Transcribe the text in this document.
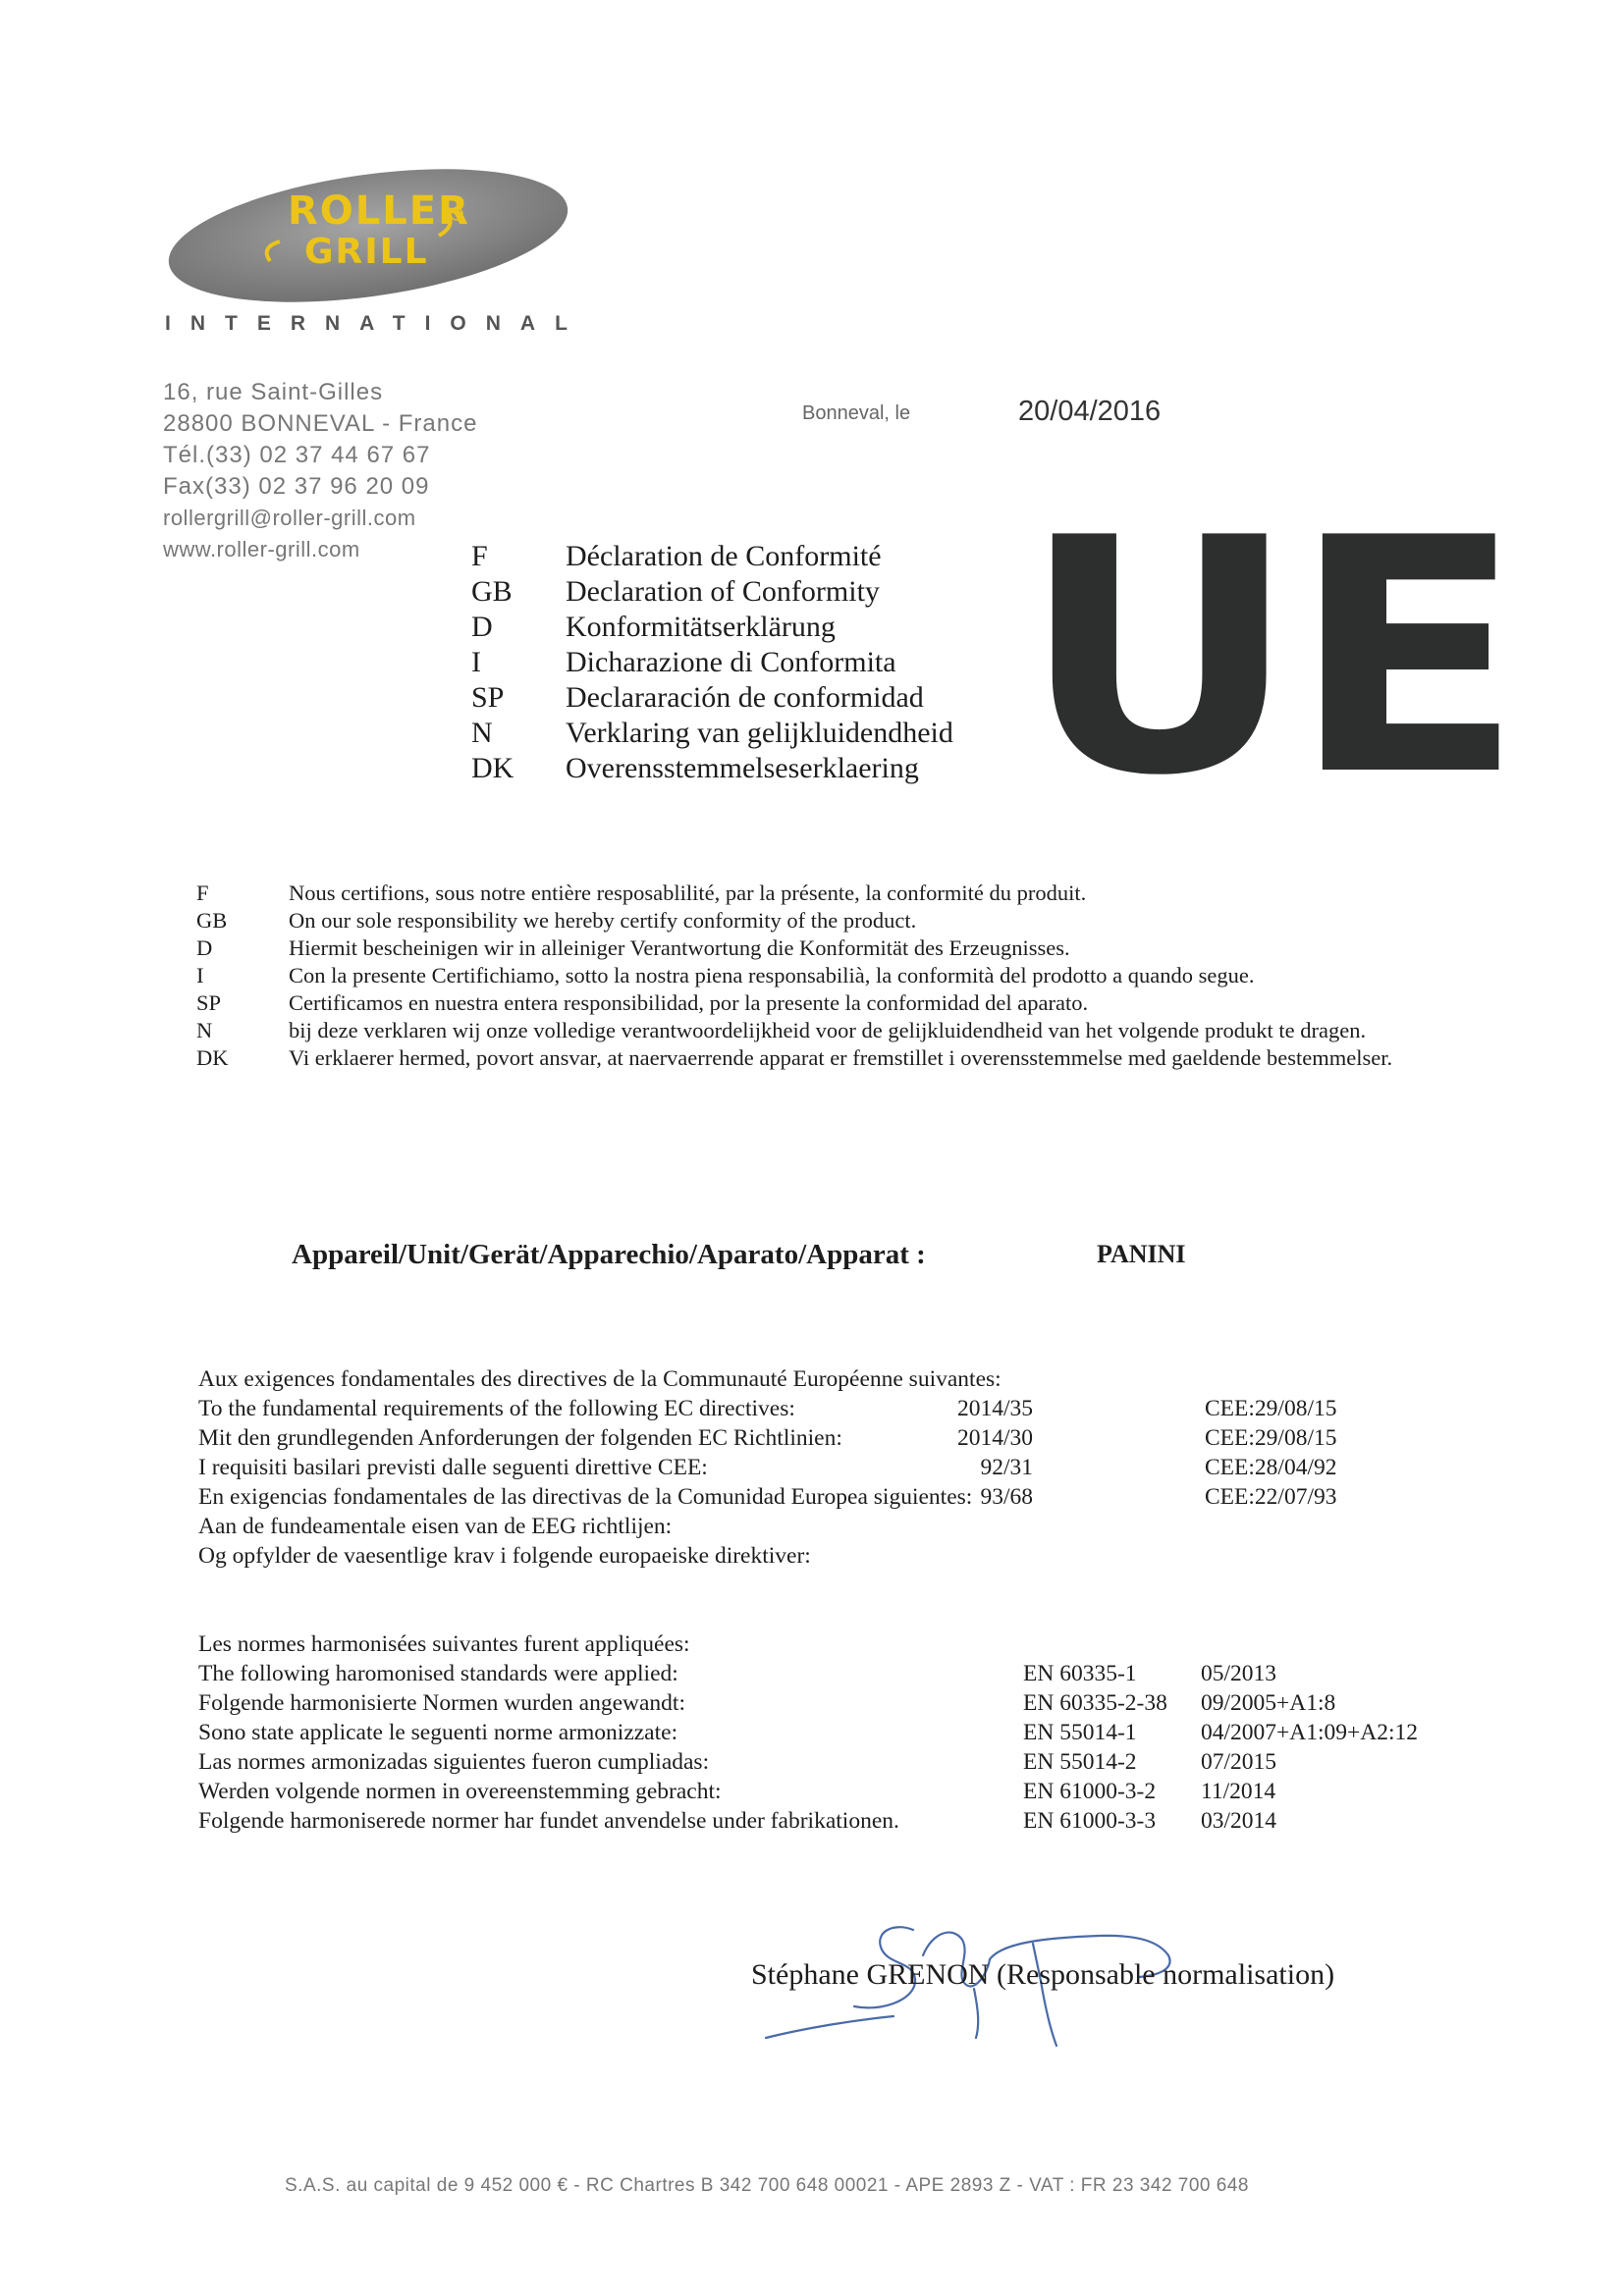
ROLLER
GRILL
INTERNATIONAL
16, rue Saint-Gilles
28800 BONNEVAL - France
Tél.(33) 02 37 44 67 67
Fax(33) 02 37 96 20 09
rollergrill@roller-grill.com
www.roller-grill.com
Bonneval, le	20/04/2016
F	Déclaration de Conformité
GB	Declaration of Conformity
D	Konformitätserklärung
I	Dicharazione di Conformita
SP	Declararación de conformidad
N	Verklaring van gelijkluidendheid
DK	Overensstemmelseserklaering UE
F	Nous certifions, sous notre entière resposablilité, par la présente, la conformité du produit.
GB	On our sole responsibility we hereby certify conformity of the product.
D	Hiermit bescheinigen wir in alleiniger Verantwortung die Konformität des Erzeugnisses.
I	Con la presente Certifichiamo, sotto la nostra piena responsabilià, la conformità del prodotto a quando segue.
SP	Certificamos en nuestra entera responsibilidad, por la presente la conformidad del aparato.
N	bij deze verklaren wij onze volledige verantwoordelijkheid voor de gelijkluidendheid van het volgende produkt te dragen.
DK	Vi erklaerer hermed, povort ansvar, at naervaerrende apparat er fremstillet i overensstemmelse med gaeldende bestemmelser.
Appareil/Unit/Gerät/Apparechio/Aparato/Apparat :	PANINI
Aux exigences fondamentales des directives de la Communauté Européenne suivantes:
To the fundamental requirements of the following EC directives:	2014/35	CEE:29/08/15
Mit den grundlegenden Anforderungen der folgenden EC Richtlinien:	2014/30	CEE:29/08/15
I requisiti basilari previsti dalle seguenti direttive CEE:	92/31	CEE:28/04/92
En exigencias fondamentales de las directivas de la Comunidad Europea siguientes: 93/68	CEE:22/07/93
Aan de fundeamentale eisen van de EEG richtlijen:
Og opfylder de vaesentlige krav i folgende europaeiske direktiver:
Les normes harmonisées suivantes furent appliquées:
The following haromonised standards were applied:	EN 60335-1	05/2013
Folgende harmonisierte Normen wurden angewandt:	EN 60335-2-38 09/2005+A1:8
Sono state applicate le seguenti norme armonizzate:	EN 55014-1	04/2007+A1:09+A2:12
Las normes armonizadas siguientes fueron cumpliadas:	EN 55014-2	07/2015
Werden volgende normen in overeenstemming gebracht:	EN 61000-3-2 11/2014
Folgende harmoniserede normer har fundet anvendelse under fabrikationen.	EN 61000-3-3 03/2014
Stéphane GRENON (Responsable normalisation)
S.A.S. au capital de 9 452 000 € - RC Chartres B 342 700 648 00021 - APE 2893 Z - VAT : FR 23 342 700 648
